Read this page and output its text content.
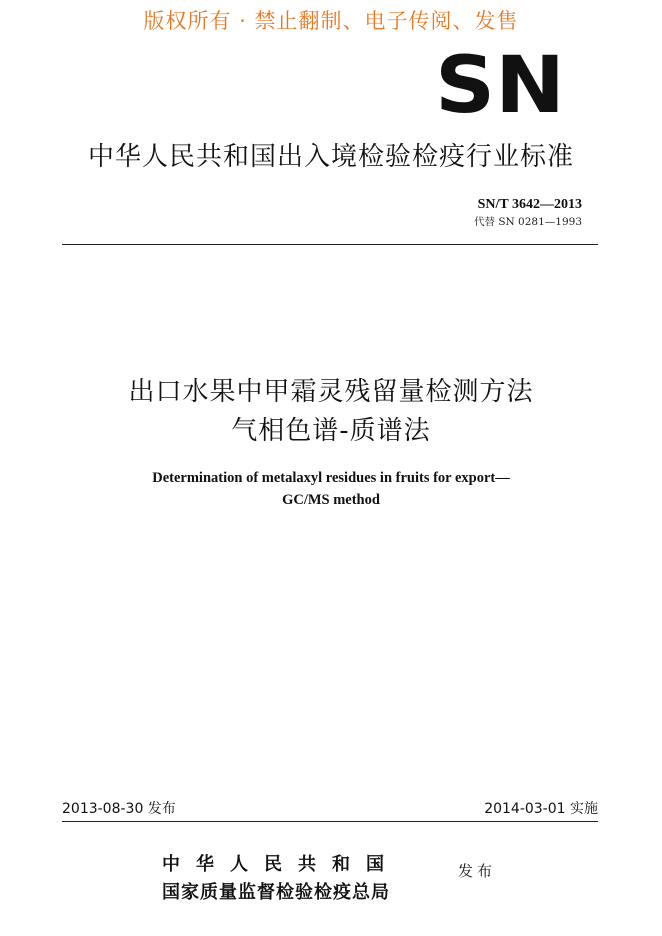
版权所有 · 禁止翻制、电子传阅、发售
SN
中华人民共和国出入境检验检疫行业标准
SN/T 3642—2013
代替 SN 0281—1993
出口水果中甲霜灵残留量检测方法
气相色谱-质谱法
Determination of metalaxyl residues in fruits for export—
GC/MS method
2013-08-30 发布	2014-03-01 实施
中华人民共和国
国家质量监督检验检疫总局
发布
